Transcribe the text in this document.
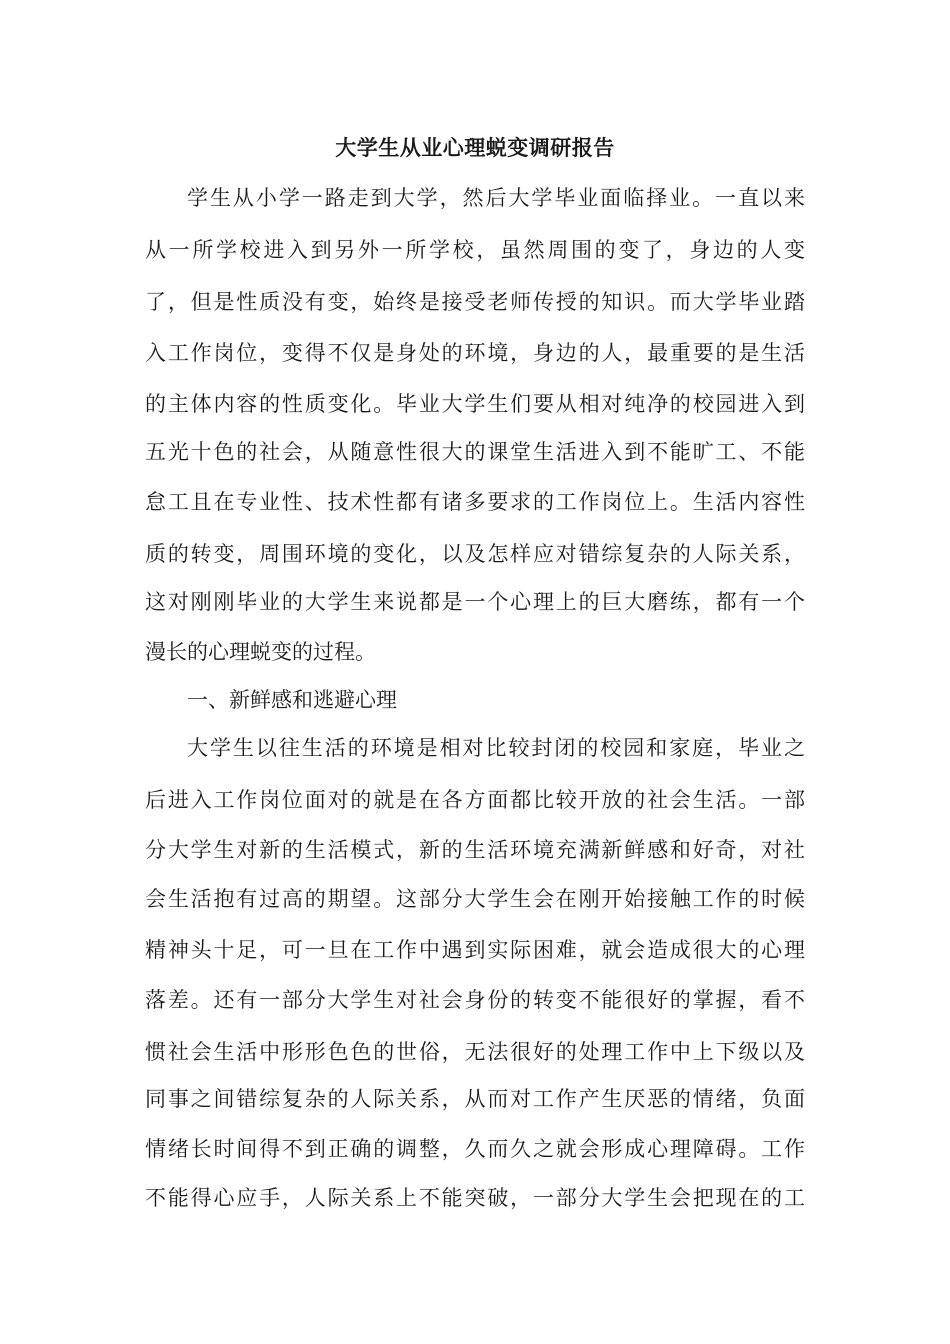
大学生从业心理蜕变调研报告
学生从小学一路走到大学，然后大学毕业面临择业。一直以来
从一所学校进入到另外一所学校，虽然周围的变了，身边的人变
了，但是性质没有变，始终是接受老师传授的知识。而大学毕业踏
入工作岗位，变得不仅是身处的环境，身边的人，最重要的是生活
的主体内容的性质变化。毕业大学生们要从相对纯净的校园进入到
五光十色的社会，从随意性很大的课堂生活进入到不能旷工、不能
怠工且在专业性、技术性都有诸多要求的工作岗位上。生活内容性
质的转变，周围环境的变化，以及怎样应对错综复杂的人际关系，
这对刚刚毕业的大学生来说都是一个心理上的巨大磨练，都有一个
漫长的心理蜕变的过程。
一、新鲜感和逃避心理
大学生以往生活的环境是相对比较封闭的校园和家庭，毕业之
后进入工作岗位面对的就是在各方面都比较开放的社会生活。一部
分大学生对新的生活模式，新的生活环境充满新鲜感和好奇，对社
会生活抱有过高的期望。这部分大学生会在刚开始接触工作的时候
精神头十足，可一旦在工作中遇到实际困难，就会造成很大的心理
落差。还有一部分大学生对社会身份的转变不能很好的掌握，看不
惯社会生活中形形色色的世俗，无法很好的处理工作中上下级以及
同事之间错综复杂的人际关系，从而对工作产生厌恶的情绪，负面
情绪长时间得不到正确的调整，久而久之就会形成心理障碍。工作
不能得心应手，人际关系上不能突破，一部分大学生会把现在的工
